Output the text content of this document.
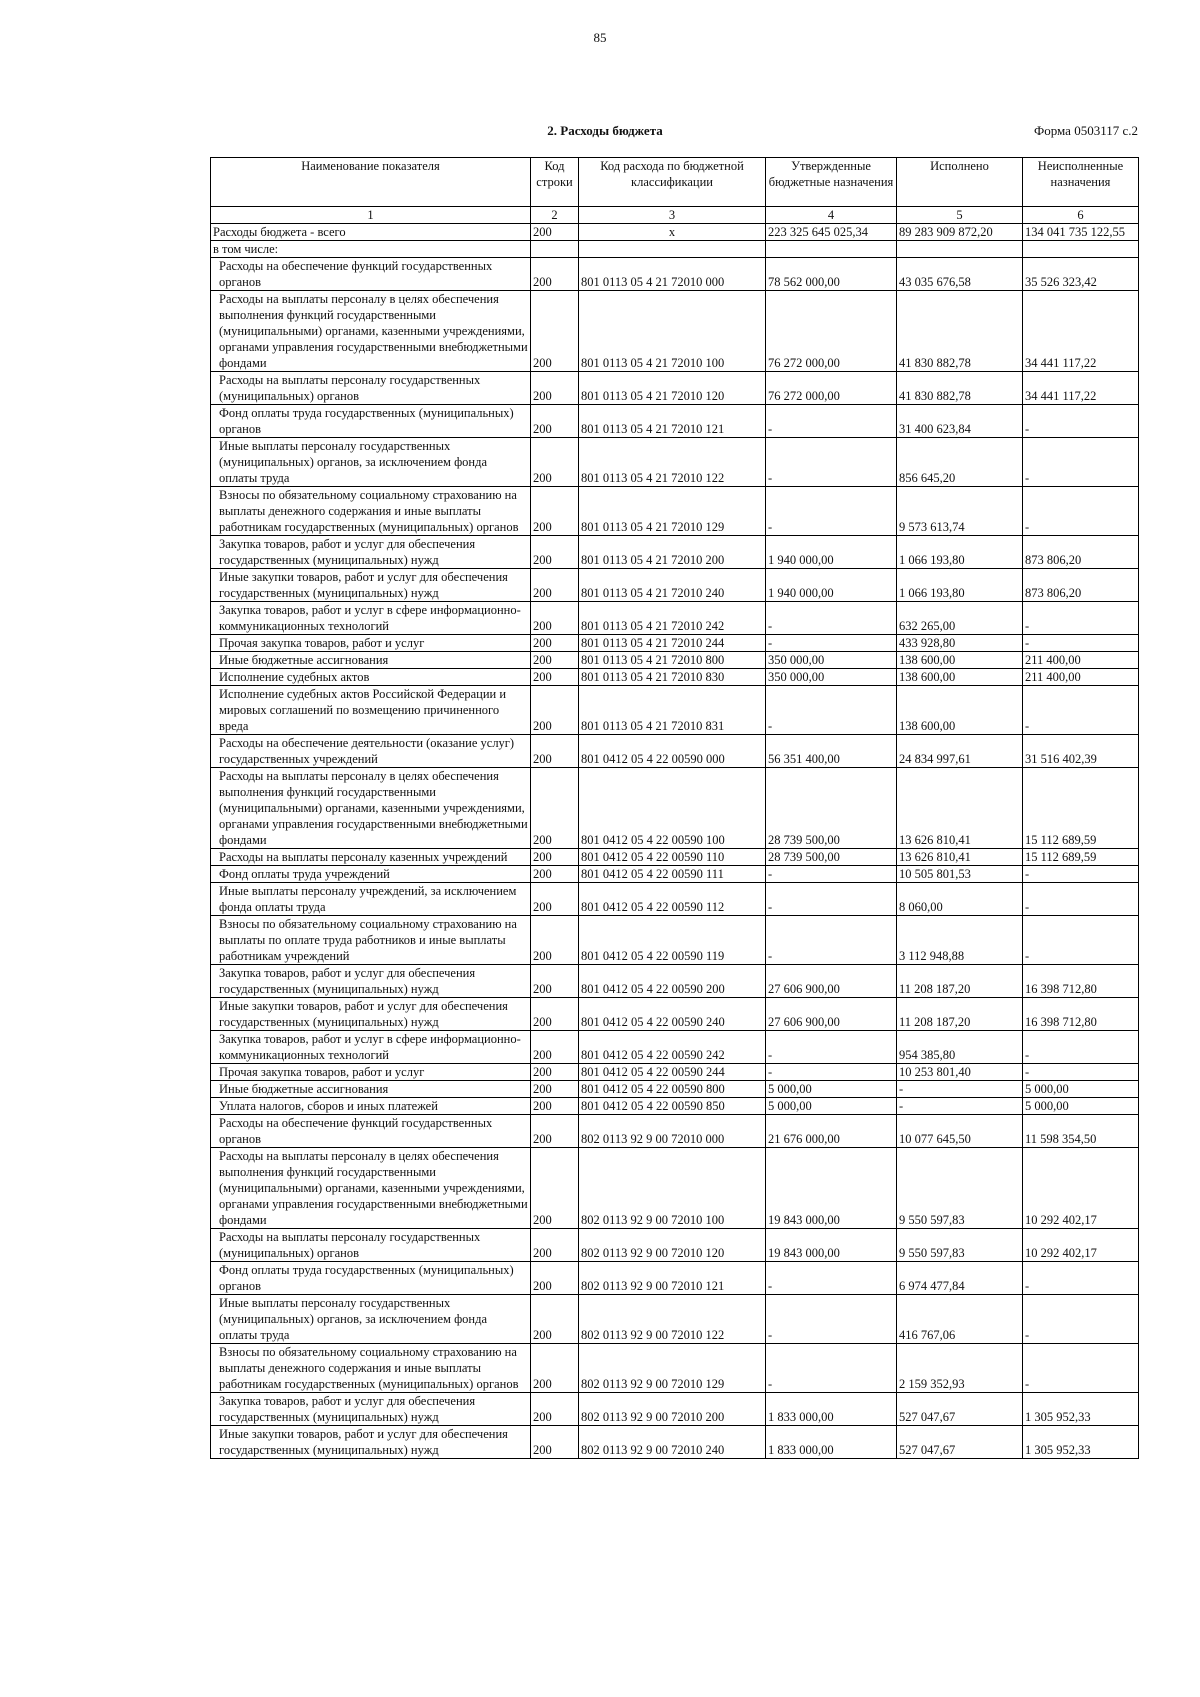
85
2. Расходы бюджета	Форма 0503117 с.2
Наименование показателя	Код строки	Код расхода по бюджетной классификации	Утвержденные бюджетные назначения	Исполнено	Неисполненные назначения
1	2	3	4	5	6
Расходы бюджета - всего	200	х	223 325 645 025,34	89 283 909 872,20	134 041 735 122,55
в том числе:					
Расходы на обеспечение функций государственных органов	200	801 0113 05 4 21 72010 000	78 562 000,00	43 035 676,58	35 526 323,42
Расходы на выплаты персоналу в целях обеспечения выполнения функций государственными (муниципальными) органами, казенными учреждениями, органами управления государственными внебюджетными фондами	200	801 0113 05 4 21 72010 100	76 272 000,00	41 830 882,78	34 441 117,22
Расходы на выплаты персоналу государственных (муниципальных) органов	200	801 0113 05 4 21 72010 120	76 272 000,00	41 830 882,78	34 441 117,22
Фонд оплаты труда государственных (муниципальных) органов	200	801 0113 05 4 21 72010 121	-	31 400 623,84	-
Иные выплаты персоналу государственных (муниципальных) органов, за исключением фонда оплаты труда	200	801 0113 05 4 21 72010 122	-	856 645,20	-
Взносы по обязательному социальному страхованию на выплаты денежного содержания и иные выплаты работникам государственных (муниципальных) органов	200	801 0113 05 4 21 72010 129	-	9 573 613,74	-
Закупка товаров, работ и услуг для обеспечения государственных (муниципальных) нужд	200	801 0113 05 4 21 72010 200	1 940 000,00	1 066 193,80	873 806,20
Иные закупки товаров, работ и услуг для обеспечения государственных (муниципальных) нужд	200	801 0113 05 4 21 72010 240	1 940 000,00	1 066 193,80	873 806,20
Закупка товаров, работ и услуг в сфере информационно-коммуникационных технологий	200	801 0113 05 4 21 72010 242	-	632 265,00	-
Прочая закупка товаров, работ и услуг	200	801 0113 05 4 21 72010 244	-	433 928,80	-
Иные бюджетные ассигнования	200	801 0113 05 4 21 72010 800	350 000,00	138 600,00	211 400,00
Исполнение судебных актов	200	801 0113 05 4 21 72010 830	350 000,00	138 600,00	211 400,00
Исполнение судебных актов Российской Федерации и мировых соглашений по возмещению причиненного вреда	200	801 0113 05 4 21 72010 831	-	138 600,00	-
Расходы на обеспечение деятельности (оказание услуг) государственных учреждений	200	801 0412 05 4 22 00590 000	56 351 400,00	24 834 997,61	31 516 402,39
Расходы на выплаты персоналу в целях обеспечения выполнения функций государственными (муниципальными) органами, казенными учреждениями, органами управления государственными внебюджетными фондами	200	801 0412 05 4 22 00590 100	28 739 500,00	13 626 810,41	15 112 689,59
Расходы на выплаты персоналу казенных учреждений	200	801 0412 05 4 22 00590 110	28 739 500,00	13 626 810,41	15 112 689,59
Фонд оплаты труда учреждений	200	801 0412 05 4 22 00590 111	-	10 505 801,53	-
Иные выплаты персоналу учреждений, за исключением фонда оплаты труда	200	801 0412 05 4 22 00590 112	-	8 060,00	-
Взносы по обязательному социальному страхованию на выплаты по оплате труда работников и иные выплаты работникам учреждений	200	801 0412 05 4 22 00590 119	-	3 112 948,88	-
Закупка товаров, работ и услуг для обеспечения государственных (муниципальных) нужд	200	801 0412 05 4 22 00590 200	27 606 900,00	11 208 187,20	16 398 712,80
Иные закупки товаров, работ и услуг для обеспечения государственных (муниципальных) нужд	200	801 0412 05 4 22 00590 240	27 606 900,00	11 208 187,20	16 398 712,80
Закупка товаров, работ и услуг в сфере информационно-коммуникационных технологий	200	801 0412 05 4 22 00590 242	-	954 385,80	-
Прочая закупка товаров, работ и услуг	200	801 0412 05 4 22 00590 244	-	10 253 801,40	-
Иные бюджетные ассигнования	200	801 0412 05 4 22 00590 800	5 000,00	-	5 000,00
Уплата налогов, сборов и иных платежей	200	801 0412 05 4 22 00590 850	5 000,00	-	5 000,00
Расходы на обеспечение функций государственных органов	200	802 0113 92 9 00 72010 000	21 676 000,00	10 077 645,50	11 598 354,50
Расходы на выплаты персоналу в целях обеспечения выполнения функций государственными (муниципальными) органами, казенными учреждениями, органами управления государственными внебюджетными фондами	200	802 0113 92 9 00 72010 100	19 843 000,00	9 550 597,83	10 292 402,17
Расходы на выплаты персоналу государственных (муниципальных) органов	200	802 0113 92 9 00 72010 120	19 843 000,00	9 550 597,83	10 292 402,17
Фонд оплаты труда государственных (муниципальных) органов	200	802 0113 92 9 00 72010 121	-	6 974 477,84	-
Иные выплаты персоналу государственных (муниципальных) органов, за исключением фонда оплаты труда	200	802 0113 92 9 00 72010 122	-	416 767,06	-
Взносы по обязательному социальному страхованию на выплаты денежного содержания и иные выплаты работникам государственных (муниципальных) органов	200	802 0113 92 9 00 72010 129	-	2 159 352,93	-
Закупка товаров, работ и услуг для обеспечения государственных (муниципальных) нужд	200	802 0113 92 9 00 72010 200	1 833 000,00	527 047,67	1 305 952,33
Иные закупки товаров, работ и услуг для обеспечения государственных (муниципальных) нужд	200	802 0113 92 9 00 72010 240	1 833 000,00	527 047,67	1 305 952,33
